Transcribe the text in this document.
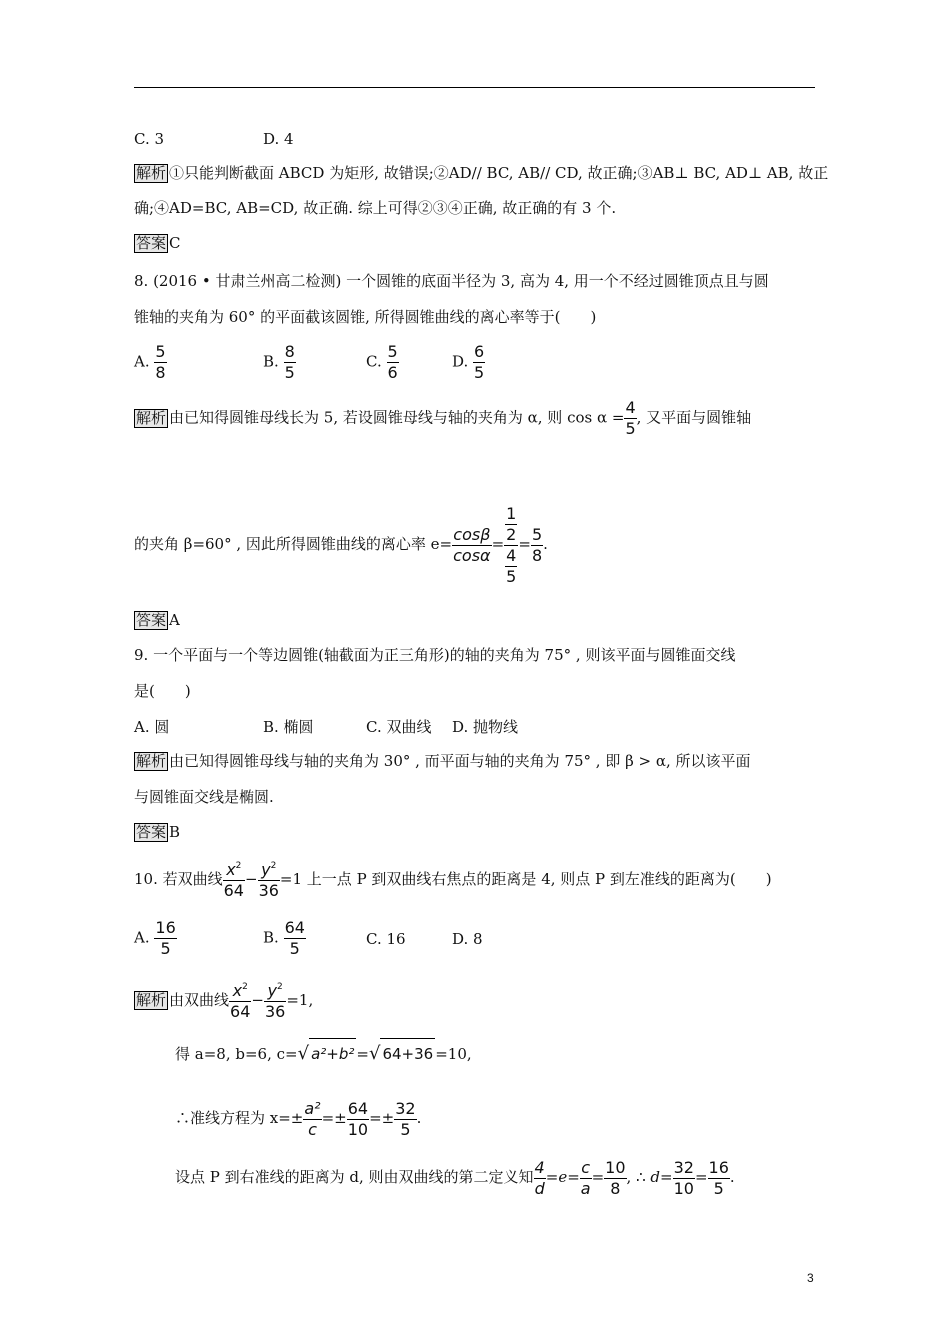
C. 3	D. 4
解析 ①只能判断截面 ABCD 为矩形, 故错误;②AD// BC, AB// CD, 故正确;③AB⊥ BC, AD⊥ AB, 故正
确;④AD=BC, AB=CD, 故正确. 综上可得②③④正确, 故正确的有 3 个.
答案 C
8. (2016 • 甘肃兰州高二检测) 一个圆锥的底面半径为 3, 高为 4, 用一个不经过圆锥顶点且与圆
锥轴的夹角为 60° 的平面截该圆锥, 所得圆锥曲线的离心率等于(　　)
A. $\frac{5}{8}$	B. $\frac{8}{5}$	C. $\frac{5}{6}$	D. $\frac{6}{5}$
解析 由已知得圆锥母线长为 5, 若设圆锥母线与轴的夹角为 α, 则 $\cos \alpha = \frac{4}{5}$ , 又平面与圆锥轴
的夹角 β=60° , 因此所得圆锥曲线的离心率 $e= \frac{\cos\beta}{\cos\alpha} = \frac{\frac{1}{2}}{\frac{4}{5}} = \frac{5}{8}$ .
答案 A
9. 一个平面与一个等边圆锥(轴截面为正三角形)的轴的夹角为 75° , 则该平面与圆锥面交线
是(　　)
A. 圆	B. 椭圆	C. 双曲线 D. 抛物线
解析 由已知得圆锥母线与轴的夹角为 30° , 而平面与轴的夹角为 75° , 即 β > α, 所以该平面
与圆锥面交线是椭圆.
答案 B
10. 若双曲线 $\frac{x^2}{64} - \frac{y^2}{36} =1$ 上一点 P 到双曲线右焦点的距离是 4, 则点 P 到左准线的距离为(　　)
A. $\frac{16}{5}$	B. $\frac{64}{5}$	C. 16	D. 8
解析 由双曲线 $\frac{x^2}{64} - \frac{y^2}{36} =1$,
得 a=8, b=6, c=√ a²+b² =√ 64+36 =10,
∴准线方程为 $x=\pm \frac{\text{a²}}{c} =\pm \frac{64}{10} =\pm \frac{32}{5}$ .
设点 P 到右准线的距离为 d, 则由双曲线的第二定义知 $\frac{4}{d} =e= \frac{c}{a} = \frac{10}{8}$ , ∴ $d= \frac{32}{10} = \frac{16}{5}$ .
3
